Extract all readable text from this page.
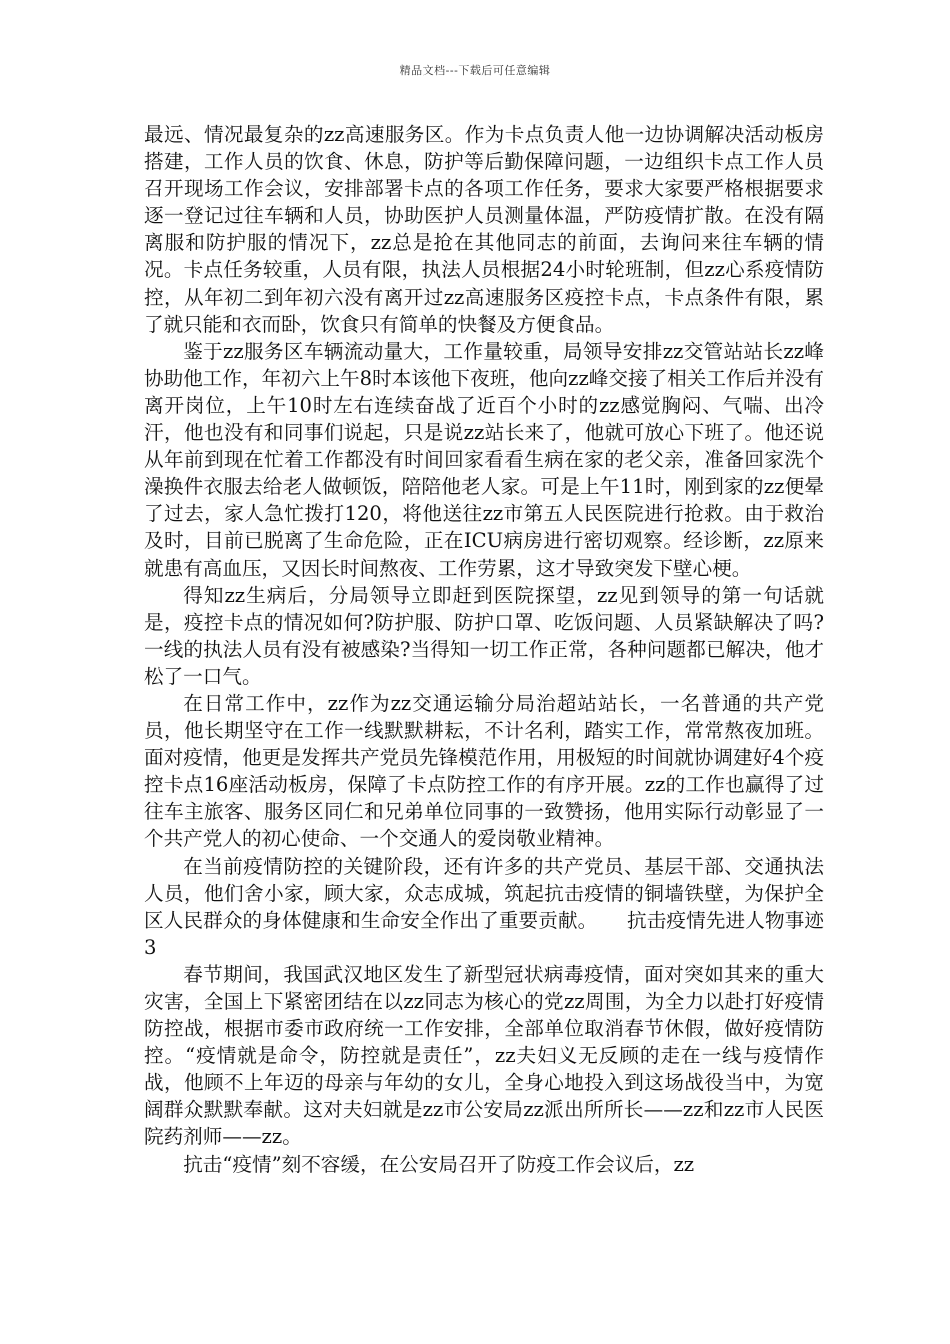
精品文档---下载后可任意编辑

最远、情况最复杂的zz高速服务区。作为卡点负责人他一边协调解决活动板房搭建，工作人员的饮食、休息，防护等后勤保障问题，一边组织卡点工作人员召开现场工作会议，安排部署卡点的各项工作任务，要求大家要严格根据要求逐一登记过往车辆和人员，协助医护人员测量体温，严防疫情扩散。在没有隔离服和防护服的情况下，zz总是抢在其他同志的前面，去询问来往车辆的情况。卡点任务较重，人员有限，执法人员根据24小时轮班制，但zz心系疫情防控，从年初二到年初六没有离开过zz高速服务区疫控卡点，卡点条件有限，累了就只能和衣而卧，饮食只有简单的快餐及方便食品。

鉴于zz服务区车辆流动量大，工作量较重，局领导安排zz交管站站长zz峰协助他工作，年初六上午8时本该他下夜班，他向zz峰交接了相关工作后并没有离开岗位，上午10时左右连续奋战了近百个小时的zz感觉胸闷、气喘、出冷汗，他也没有和同事们说起，只是说zz站长来了，他就可放心下班了。他还说从年前到现在忙着工作都没有时间回家看看生病在家的老父亲，准备回家洗个澡换件衣服去给老人做顿饭，陪陪他老人家。可是上午11时，刚到家的zz便晕了过去，家人急忙拨打120，将他送往zz市第五人民医院进行抢救。由于救治及时，目前已脱离了生命危险，正在ICU病房进行密切观察。经诊断，zz原来就患有高血压，又因长时间熬夜、工作劳累，这才导致突发下壁心梗。

得知zz生病后，分局领导立即赶到医院探望，zz见到领导的第一句话就是，疫控卡点的情况如何?防护服、防护口罩、吃饭问题、人员紧缺解决了吗?一线的执法人员有没有被感染?当得知一切工作正常，各种问题都已解决，他才松了一口气。

在日常工作中，zz作为zz交通运输分局治超站站长，一名普通的共产党员，他长期坚守在工作一线默默耕耘，不计名利，踏实工作，常常熬夜加班。面对疫情，他更是发挥共产党员先锋模范作用，用极短的时间就协调建好4个疫控卡点16座活动板房，保障了卡点防控工作的有序开展。zz的工作也赢得了过往车主旅客、服务区同仁和兄弟单位同事的一致赞扬，他用实际行动彰显了一个共产党人的初心使命、一个交通人的爱岗敬业精神。

在当前疫情防控的关键阶段，还有许多的共产党员、基层干部、交通执法人员，他们舍小家，顾大家，众志成城，筑起抗击疫情的铜墙铁壁，为保护全区人民群众的身体健康和生命安全作出了重要贡献。　　抗击疫情先进人物事迹3

春节期间，我国武汉地区发生了新型冠状病毒疫情，面对突如其来的重大灾害，全国上下紧密团结在以zz同志为核心的党zz周围，为全力以赴打好疫情防控战，根据市委市政府统一工作安排，全部单位取消春节休假，做好疫情防控。“疫情就是命令，防控就是责任”，zz夫妇义无反顾的走在一线与疫情作战，他顾不上年迈的母亲与年幼的女儿，全身心地投入到这场战役当中，为宽阔群众默默奉献。这对夫妇就是zz市公安局zz派出所所长——zz和zz市人民医院药剂师——zz。

抗击“疫情”刻不容缓，在公安局召开了防疫工作会议后，zz
